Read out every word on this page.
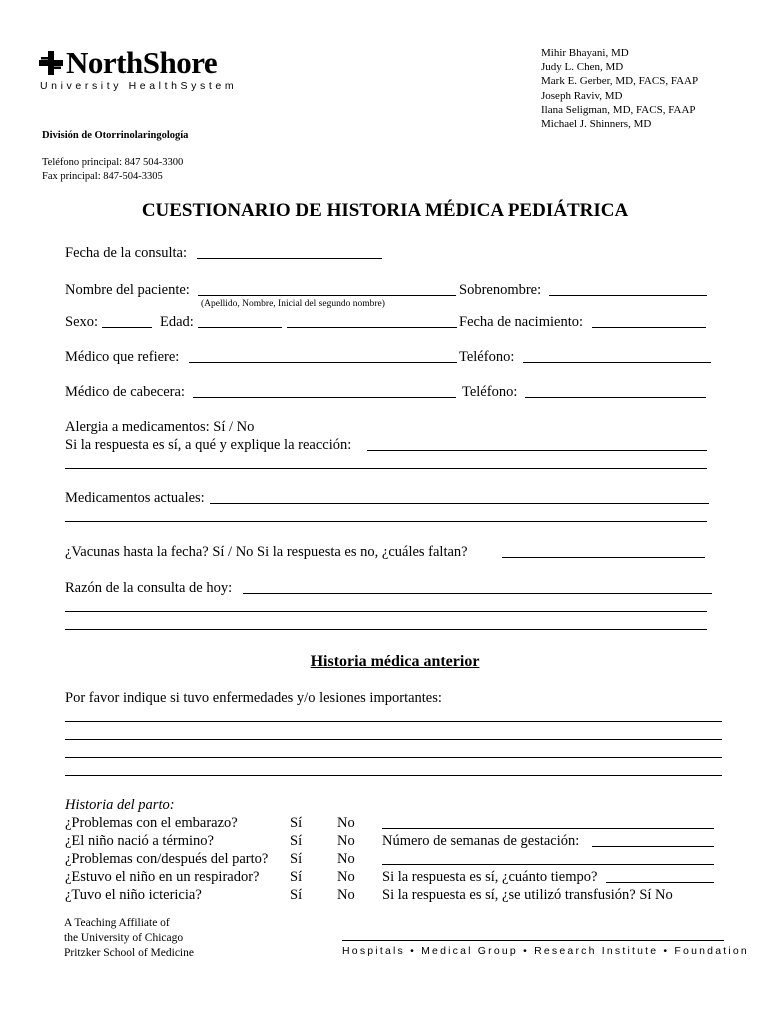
NorthShore
University HealthSystem
Mihir Bhayani, MD
Judy L. Chen, MD
Mark E. Gerber, MD, FACS, FAAP
Joseph Raviv, MD
Ilana Seligman, MD, FACS, FAAP
Michael J. Shinners, MD
División de Otorrinolaringología
Teléfono principal: 847 504-3300
Fax principal: 847-504-3305
CUESTIONARIO DE HISTORIA MÉDICA PEDIÁTRICA
Fecha de la consulta:
Nombre del paciente:	Sobrenombre:
(Apellido, Nombre, Inicial del segundo nombre)
Sexo:	Edad:	Fecha de nacimiento:
Médico que refiere:	Teléfono:
Médico de cabecera:	Teléfono:
Alergia a medicamentos: Sí / No
Si la respuesta es sí, a qué y explique la reacción:
Medicamentos actuales:
¿Vacunas hasta la fecha? Sí / No Si la respuesta es no, ¿cuáles faltan?
Razón de la consulta de hoy:
Historia médica anterior
Por favor indique si tuvo enfermedades y/o lesiones importantes:
Historia del parto:
¿Problemas con el embarazo?	Sí No
¿El niño nació a término?	Sí No Número de semanas de gestación:
¿Problemas con/después del parto? Sí No
¿Estuvo el niño en un respirador? Sí No Si la respuesta es sí, ¿cuánto tiempo?
¿Tuvo el niño ictericia?	Sí No Si la respuesta es sí, ¿se utilizó transfusión? Sí No
A Teaching Affiliate of
the University of Chicago
Pritzker School of Medicine	Hospitals • Medical Group • Research Institute • Foundation
